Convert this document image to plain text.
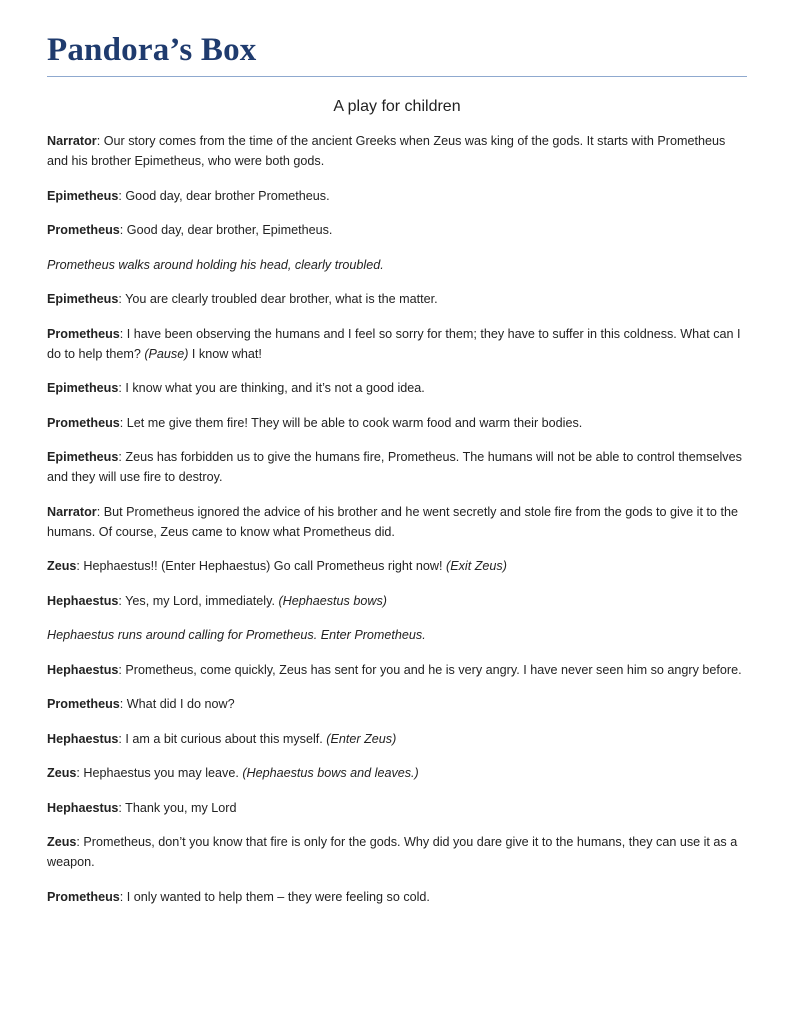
Pandora’s Box
A play for children

Narrator: Our story comes from the time of the ancient Greeks when Zeus was king of the gods. It starts with Prometheus and his brother Epimetheus, who were both gods.

Epimetheus: Good day, dear brother Prometheus.

Prometheus: Good day, dear brother, Epimetheus.

Prometheus walks around holding his head, clearly troubled.

Epimetheus: You are clearly troubled dear brother, what is the matter.

Prometheus: I have been observing the humans and I feel so sorry for them; they have to suffer in this coldness. What can I do to help them? (Pause) I know what!

Epimetheus: I know what you are thinking, and it’s not a good idea.

Prometheus: Let me give them fire! They will be able to cook warm food and warm their bodies.

Epimetheus: Zeus has forbidden us to give the humans fire, Prometheus. The humans will not be able to control themselves and they will use fire to destroy.

Narrator: But Prometheus ignored the advice of his brother and he went secretly and stole fire from the gods to give it to the humans. Of course, Zeus came to know what Prometheus did.

Zeus: Hephaestus!! (Enter Hephaestus) Go call Prometheus right now! (Exit Zeus)

Hephaestus: Yes, my Lord, immediately. (Hephaestus bows)

Hephaestus runs around calling for Prometheus. Enter Prometheus.

Hephaestus: Prometheus, come quickly, Zeus has sent for you and he is very angry. I have never seen him so angry before.

Prometheus: What did I do now?

Hephaestus: I am a bit curious about this myself. (Enter Zeus)

Zeus: Hephaestus you may leave. (Hephaestus bows and leaves.)

Hephaestus: Thank you, my Lord

Zeus: Prometheus, don’t you know that fire is only for the gods. Why did you dare give it to the humans, they can use it as a weapon.

Prometheus: I only wanted to help them – they were feeling so cold.
